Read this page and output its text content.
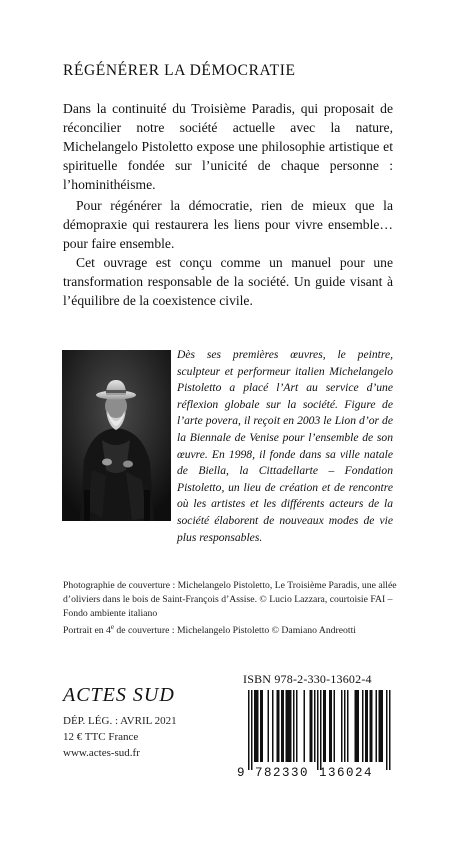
RÉGÉNÉRER LA DÉMOCRATIE

Dans la continuité du Troisième Paradis, qui proposait de réconcilier notre société actuelle avec la nature, Michelangelo Pistoletto expose une philosophie artistique et spirituelle fondée sur l’unicité de chaque personne : l’hominithéisme.

Pour régénérer la démocratie, rien de mieux que la démopraxie qui restaurera les liens pour vivre ensemble… pour faire ensemble.

Cet ouvrage est conçu comme un manuel pour une transformation responsable de la société. Un guide visant à l’équilibre de la coexistence civile.

Dès ses premières œuvres, le peintre, sculpteur et performeur italien Michelangelo Pistoletto a placé l’Art au service d’une réflexion globale sur la société. Figure de l’arte povera, il reçoit en 2003 le Lion d’or de la Biennale de Venise pour l’ensemble de son œuvre. En 1998, il fonde dans sa ville natale de Biella, la Cittadellarte – Fondation Pistoletto, un lieu de création et de rencontre où les artistes et les différents acteurs de la société élaborent de nouveaux modes de vie plus responsables.
Photographie de couverture : Michelangelo Pistoletto, Le Troisième Paradis, une allée d’oliviers dans le bois de Saint-François d’Assise. © Lucio Lazzara, courtoisie FAI – Fondo ambiente italiano
Portrait en 4e de couverture : Michelangelo Pistoletto © Damiano Andreotti
ACTES SUD
DÉP. LÉG. : AVRIL 2021
12 € TTC France
www.actes-sud.fr
ISBN 978-2-330-13602-4
9 782330 136024
